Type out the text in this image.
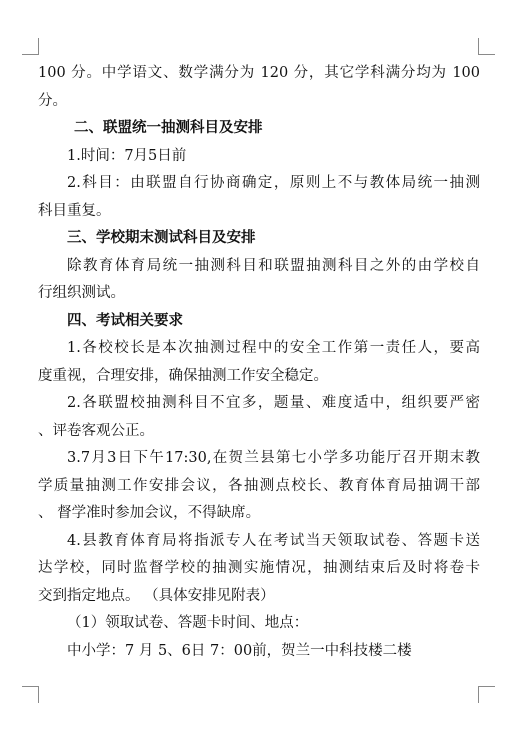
100 分。中学语文、数学满分为 120 分，其它学科满分均为 100
分。
二、联盟统一抽测科目及安排
1.时间：7月5日前
2.科目：由联盟自行协商确定，原则上不与教体局统一抽测
科目重复。
三、学校期末测试科目及安排
除教育体育局统一抽测科目和联盟抽测科目之外的由学校自
行组织测试。
四、考试相关要求
1.各校校长是本次抽测过程中的安全工作第一责任人，要高
度重视，合理安排，确保抽测工作安全稳定。
2.各联盟校抽测科目不宜多，题量、难度适中，组织要严密
、评卷客观公正。
3.7月3日下午17:30,在贺兰县第七小学多功能厅召开期末教
学质量抽测工作安排会议，各抽测点校长、教育体育局抽调干部
、 督学准时参加会议，不得缺席。
4.县教育体育局将指派专人在考试当天领取试卷、答题卡送
达学校，同时监督学校的抽测实施情况，抽测结束后及时将卷卡
交到指定地点。 （具体安排见附表）
（1）领取试卷、答题卡时间、地点：
中小学：7 月 5、6日 7：00前，贺兰一中科技楼二楼
